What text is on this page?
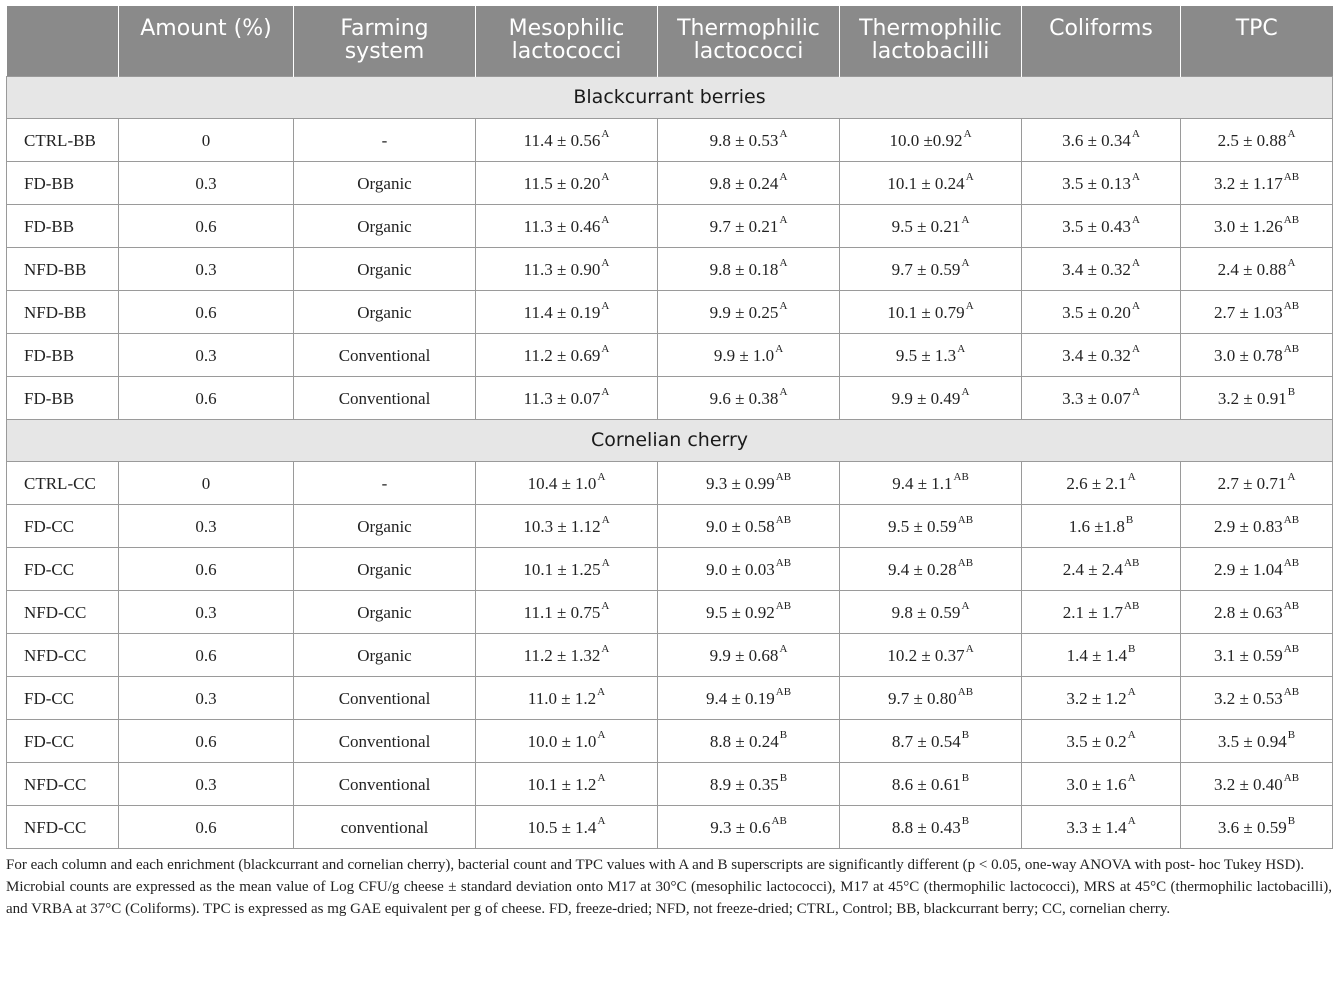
	Amount (%)	Farming system	Mesophilic lactococci	Thermophilic lactococci	Thermophilic lactobacilli	Coliforms	TPC

Blackcurrant berries							
CTRL-BB	0	-	$11.4 \pm 0.56^A$	$9.8 \pm 0.53^A$	$10.0 \pm 0.92^A$	$3.6 \pm 0.34^A$	$2.5 \pm 0.88^A$
FD-BB	0.3	Organic	$11.5 \pm 0.20^A$	$9.8 \pm 0.24^A$	$10.1 \pm 0.24^A$	$3.5 \pm 0.13^A$	$3.2 \pm 1.17^{AB}$
FD-BB	0.6	Organic	$11.3 \pm 0.46^A$	$9.7 \pm 0.21^A$	$9.5 \pm 0.21^A$	$3.5 \pm 0.43^A$	$3.0 \pm 1.26^{AB}$
NFD-BB	0.3	Organic	$11.3 \pm 0.90^A$	$9.8 \pm 0.18^A$	$9.7 \pm 0.59^A$	$3.4 \pm 0.32^A$	$2.4 \pm 0.88^A$
NFD-BB	0.6	Organic	$11.4 \pm 0.19^A$	$9.9 \pm 0.25^A$	$10.1 \pm 0.79^A$	$3.5 \pm 0.20^A$	$2.7 \pm 1.03^{AB}$
FD-BB	0.3	Conventional	$11.2 \pm 0.69^A$	$9.9 \pm 1.0^A$	$9.5 \pm 1.3^A$	$3.4 \pm 0.32^A$	$3.0 \pm 0.78^{AB}$
FD-BB	0.6	Conventional	$11.3 \pm 0.07^A$	$9.6 \pm 0.38^A$	$9.9 \pm 0.49^A$	$3.3 \pm 0.07^A$	$3.2 \pm 0.91^B$
Cornelian cherry							
CTRL-CC	0	-	$10.4 \pm 1.0^A$	$9.3 \pm 0.99^{AB}$	$9.4 \pm 1.1^{AB}$	$2.6 \pm 2.1^A$	$2.7 \pm 0.71^A$
FD-CC	0.3	Organic	$10.3 \pm 1.12^A$	$9.0 \pm 0.58^{AB}$	$9.5 \pm 0.59^{AB}$	$1.6 \pm 1.8^B$	$2.9 \pm 0.83^{AB}$
FD-CC	0.6	Organic	$10.1 \pm 1.25^A$	$9.0 \pm 0.03^{AB}$	$9.4 \pm 0.28^{AB}$	$2.4 \pm 2.4^{AB}$	$2.9 \pm 1.04^{AB}$
NFD-CC	0.3	Organic	$11.1 \pm 0.75^A$	$9.5 \pm 0.92^{AB}$	$9.8 \pm 0.59^A$	$2.1 \pm 1.7^{AB}$	$2.8 \pm 0.63^{AB}$
NFD-CC	0.6	Organic	$11.2 \pm 1.32^A$	$9.9 \pm 0.68^A$	$10.2 \pm 0.37^A$	$1.4 \pm 1.4^B$	$3.1 \pm 0.59^{AB}$
FD-CC	0.3	Conventional	$11.0 \pm 1.2^A$	$9.4 \pm 0.19^{AB}$	$9.7 \pm 0.80^{AB}$	$3.2 \pm 1.2^A$	$3.2 \pm 0.53^{AB}$
FD-CC	0.6	Conventional	$10.0 \pm 1.0^A$	$8.8 \pm 0.24^B$	$8.7 \pm 0.54^B$	$3.5 \pm 0.2^A$	$3.5 \pm 0.94^B$
NFD-CC	0.3	Conventional	$10.1 \pm 1.2^A$	$8.9 \pm 0.35^B$	$8.6 \pm 0.61^B$	$3.0 \pm 1.6^A$	$3.2 \pm 0.40^{AB}$
NFD-CC	0.6	conventional	$10.5 \pm 1.4^A$	$9.3 \pm 0.6^{AB}$	$8.8 \pm 0.43^B$	$3.3 \pm 1.4^A$	$3.6 \pm 0.59^B$

For each column and each enrichment (blackcurrant and cornelian cherry), bacterial count and TPC values with A and B superscripts are significantly different (p < 0.05, one-way ANOVA with post- hoc Tukey HSD).

Microbial counts are expressed as the mean value of Log CFU/g cheese ± standard deviation onto M17 at 30°C (mesophilic lactococci), M17 at 45°C (thermophilic lactococci), MRS at 45°C (thermophilic lactobacilli), and VRBA at 37°C (Coliforms). TPC is expressed as mg GAE equivalent per g of cheese. FD, freeze-dried; NFD, not freeze-dried; CTRL, Control; BB, blackcurrant berry; CC, cornelian cherry.
